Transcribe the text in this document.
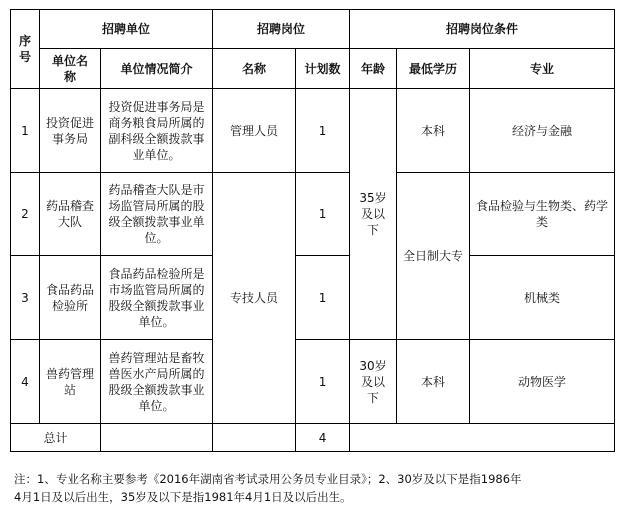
序号	招聘单位		招聘岗位		招聘岗位条件		
	单位名称	单位情况简介	名称	计划数	年龄	最低学历	专业
1	投资促进事务局	投资促进事务局是商务粮食局所属的副科级全额拨款事业单位。	管理人员	1	35岁及以下	本科	经济与金融
2	药品稽查大队	药品稽查大队是市场监管局所属的股级全额拨款事业单位。	专技人员	1		全日制大专	食品检验与生物类、药学类
3	食品药品检验所	食品药品检验所是市场监管局所属的股级全额拨款事业单位。		1			机械类
4	兽药管理站	兽药管理站是畜牧兽医水产局所属的股级全额拨款事业单位。		1	30岁及以下	本科	动物医学
总计				4			

注：1、专业名称主要参考《2016年湖南省考试录用公务员专业目录》；2、30岁及以下是指1986年

4月1日及以后出生，35岁及以下是指1981年4月1日及以后出生。
